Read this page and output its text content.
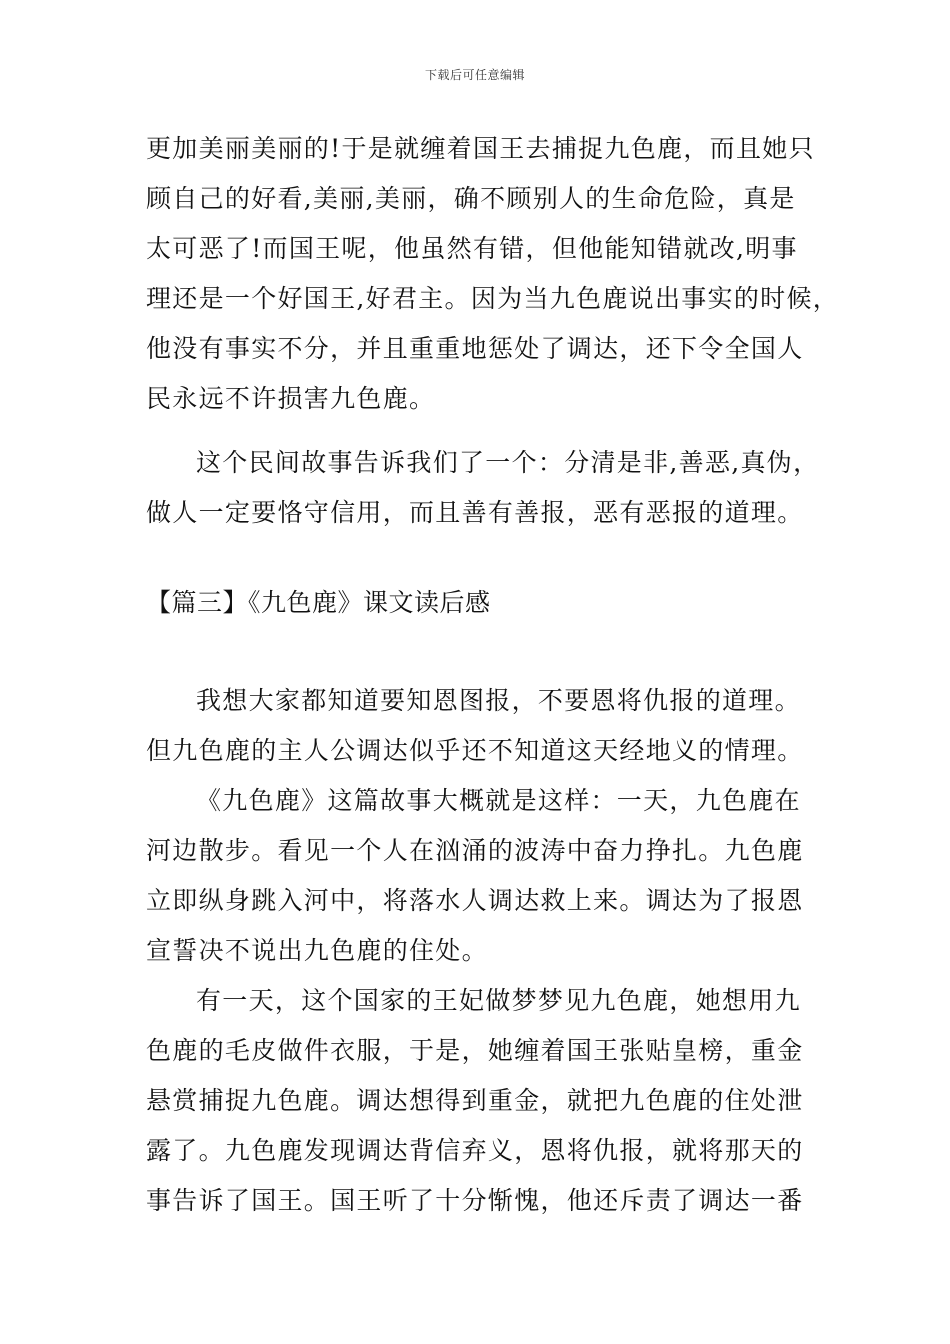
下载后可任意编辑
更加美丽美丽的!于是就缠着国王去捕捉九色鹿，而且她只
顾自己的好看,美丽,美丽，确不顾别人的生命危险，真是
太可恶了!而国王呢，他虽然有错，但他能知错就改,明事
理还是一个好国王,好君主。因为当九色鹿说出事实的时候，
他没有事实不分，并且重重地惩处了调达，还下令全国人
民永远不许损害九色鹿。
这个民间故事告诉我们了一个：分清是非,善恶,真伪，
做人一定要恪守信用，而且善有善报，恶有恶报的道理。
【篇三】《九色鹿》课文读后感
我想大家都知道要知恩图报，不要恩将仇报的道理。
但九色鹿的主人公调达似乎还不知道这天经地义的情理。
《九色鹿》这篇故事大概就是这样：一天，九色鹿在
河边散步。看见一个人在汹涌的波涛中奋力挣扎。九色鹿
立即纵身跳入河中，将落水人调达救上来。调达为了报恩
宣誓决不说出九色鹿的住处。
有一天，这个国家的王妃做梦梦见九色鹿，她想用九
色鹿的毛皮做件衣服，于是，她缠着国王张贴皇榜，重金
悬赏捕捉九色鹿。调达想得到重金，就把九色鹿的住处泄
露了。九色鹿发现调达背信弃义，恩将仇报，就将那天的
事告诉了国王。国王听了十分惭愧，他还斥责了调达一番
